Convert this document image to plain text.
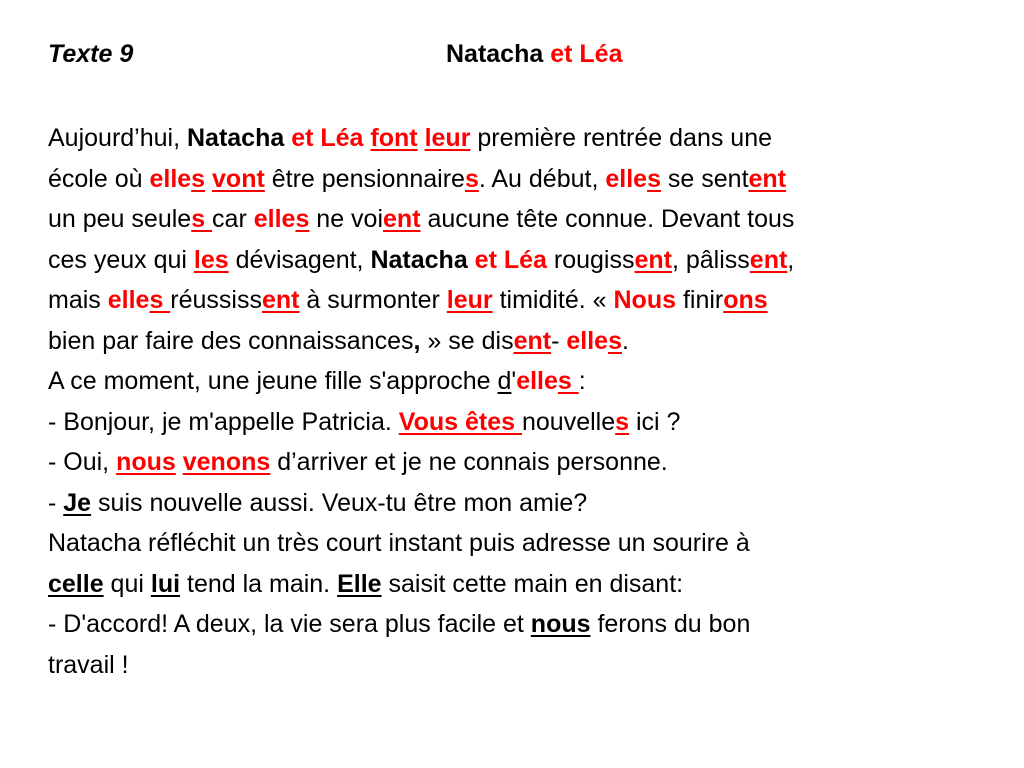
Texte 9	Natacha et Léa
Aujourd’hui, Natacha et Léa font leur première rentrée dans une
école où elles vont être pensionnaires. Au début, elles se sentent
un peu seules car elles ne voient aucune tête connue. Devant tous
ces yeux qui les dévisagent, Natacha et Léa rougissent, pâlissent,
mais elles réussissent à surmonter leur timidité. « Nous finirons
bien par faire des connaissances, » se disent- elles.
A ce moment, une jeune fille s'approche d'elles :
- Bonjour, je m'appelle Patricia. Vous êtes nouvelles ici ?
- Oui, nous venons d’arriver et je ne connais personne.
- Je suis nouvelle aussi. Veux-tu être mon amie?
Natacha réfléchit un très court instant puis adresse un sourire à
celle qui lui tend la main. Elle saisit cette main en disant:
- D'accord! A deux, la vie sera plus facile et nous ferons du bon
travail !
